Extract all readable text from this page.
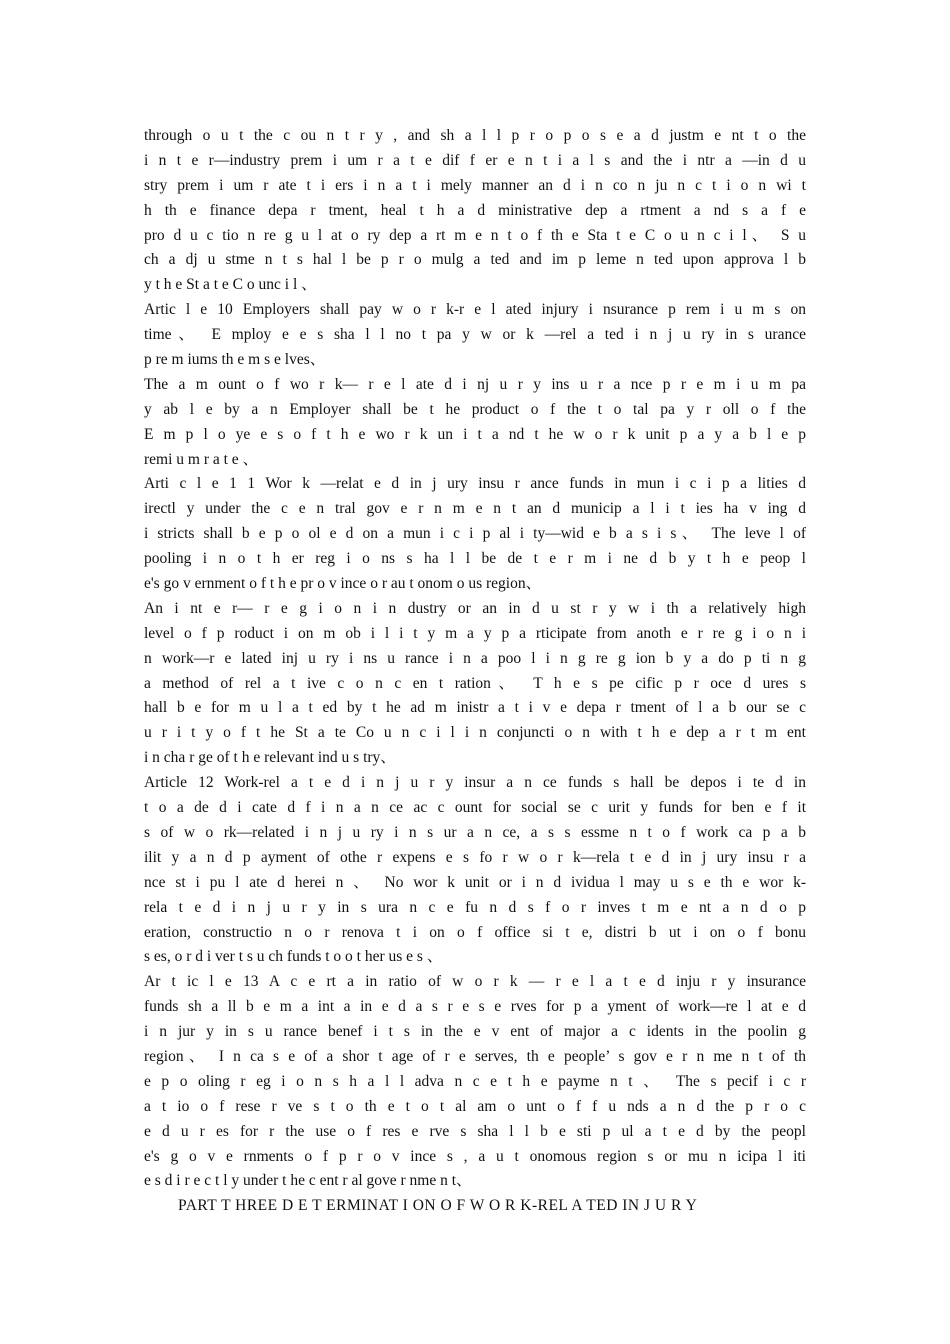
through o u t the c ou n t r y , and sh a l l p r o p o s e a d justm e nt t o the
i n t e r—industry prem i um r a t e dif f er e n t i a l s and the i ntr a —in d u
stry prem i um r ate t i ers i n a t i mely manner an d i n co n ju n c t i o n wi t
h th e finance depa r tment, heal t h a d ministrative dep a rtment a nd s a f e
pro d u c tio n re g u l at o ry dep a rt m e n t o f th e Sta t e C o u n c i l、 S u
ch a dj u stme n t s hal l be p r o mulg a ted and im p leme n ted upon approva l b
y t h e St a t e C o unc i l 、
Artic l e 10 Employers shall pay w o r k-r e l ated injury i nsurance p rem i u m s on
time、 E mploy e e s sha l l no t pa y w or k —rel a ted i n j u ry in s urance
p re m iums th e m s e lves、
The a m ount o f wo r k— r e l ate d i nj u r y ins u r a nce p r e m i u m pa
y ab l e by a n Employer shall be t he product o f the t o tal pa y r oll o f the
E m p l o ye e s o f t h e wo r k un i t a nd t he w o r k unit p a y a b l e p
remi u m r a t e 、
Arti c l e 1 1 Wor k —relat e d in j ury insu r ance funds in mun i c i p a lities d
irectl y under the c e n tral gov e r n m e n t an d municip a l i t ies ha v ing d
i stricts shall b e p o ol e d on a mun i c i p al i ty—wid e b a s i s、 The leve l of
pooling i n o t h er reg i o ns s ha l l be de t e r m i ne d b y t h e peop l
e's go v ernment o f t h e pr o v ince o r au t onom o us region、
An i nt e r— r e g i o n i n dustry or an in d u st r y w i th a relatively high
level o f p roduct i on m ob i l i t y m a y p a rticipate from anoth e r re g i o n i
n work—r e lated inj u ry i ns u rance i n a poo l i n g re g ion b y a do p ti n g
a method of rel a t ive c o n c en t ration、 T h e s pe cific p r oce d ures s
hall b e for m u l a t ed by t he ad m inistr a t i v e depa r tment of l a b our se c
u r i t y o f t he St a te Co u n c i l i n conjuncti o n with t h e dep a r t m ent
i n cha r ge of t h e relevant ind u s try、
Article 12 Work-rel a t e d i n j u r y insur a n ce funds s hall be depos i te d in
t o a de d i cate d f i n a n ce ac c ount for social se c urit y funds for ben e f it
s of w o rk—related i n j u ry i n s ur a n ce, a s s essme n t o f work ca p a b
ilit y a n d p ayment of othe r expens e s fo r w o r k—rela t e d in j ury insu r a
nce st i pu l ate d herei n 、 No wor k unit or i n d ividua l may u s e th e wor k-
rela t e d i n j u r y in s ura n c e fu n d s f o r inves t m e nt a n d o p
eration, constructio n o r renova t i on o f office si t e, distri b ut i on o f bonu
s es, o r d i ver t s u ch funds t o o t her us e s 、
Ar t ic l e 13 A c e rt a in ratio of w o r k — r e l a t e d inju r y insurance
funds sh a ll b e m a int a in e d a s r e s e rves for p a yment of work—re l at e d
i n jur y in s u rance benef i t s in the e v ent of major a c idents in the poolin g
region、 I n ca s e of a shor t age of r e serves, th e people’ s gov e r n me n t of th
e p o oling r eg i o n s h a l l adva n c e t h e payme n t 、 The s pecif i c r
a t io o f rese r ve s t o th e t o t al am o unt o f f u nds a n d the p r o c
e d u r es for r the use o f res e rve s sha l l b e sti p ul a t e d by the peopl
e's g o v e rnments o f p r o v ince s , a u t onomous region s or mu n icipa l iti
e s d i r e c t l y under t he c ent r al gove r nme n t、
PART T HREE D E T ERMINAT I ON O F W O R K-REL A TED IN J U R Y
